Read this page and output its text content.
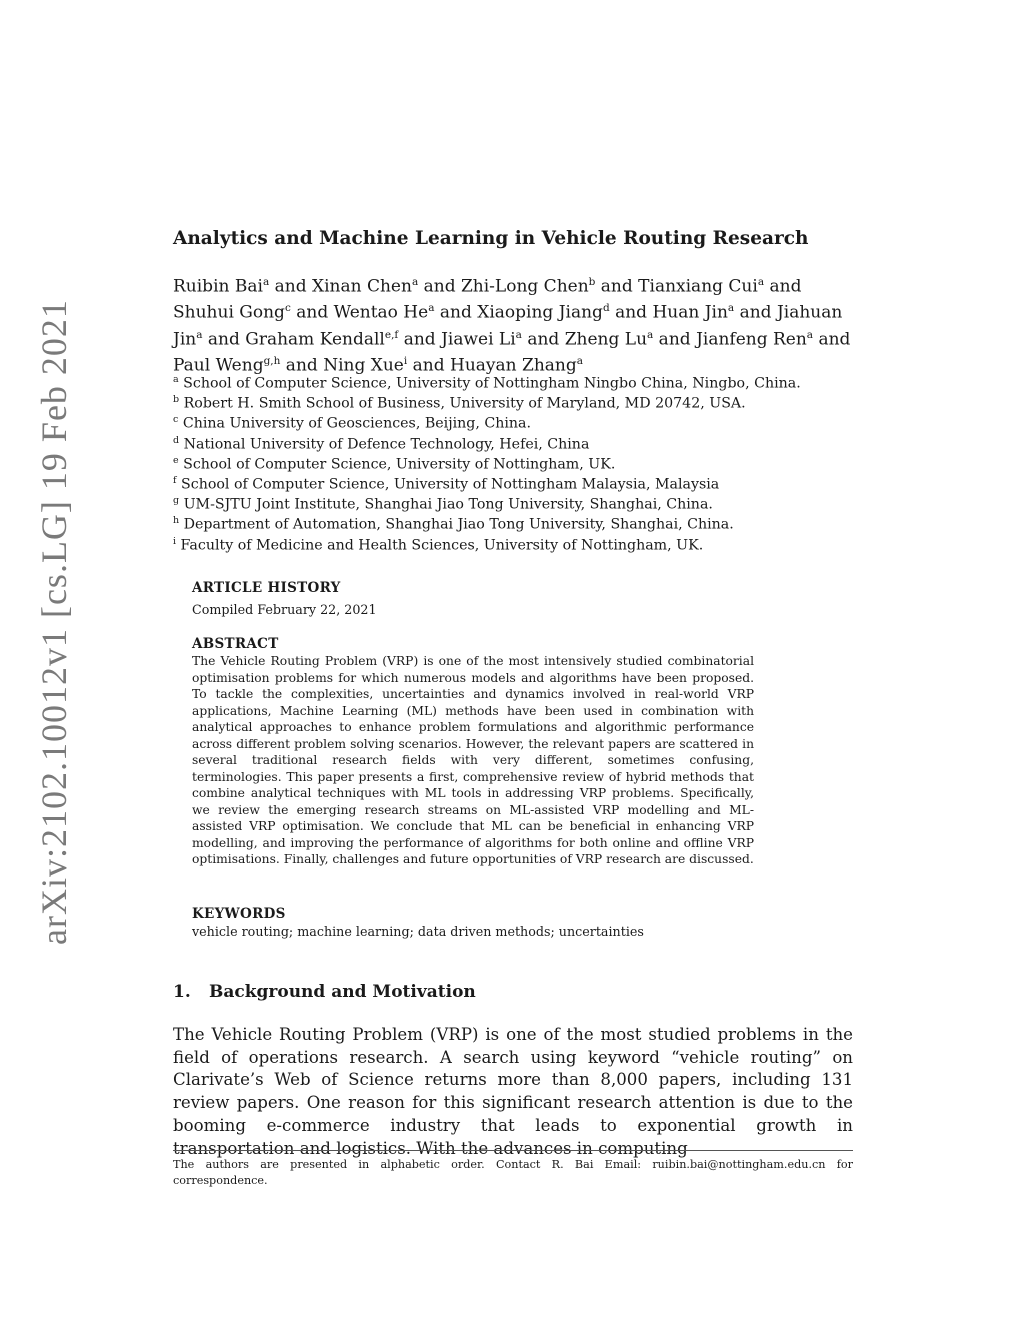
arXiv:2102.10012v1 [cs.LG] 19 Feb 2021
Analytics and Machine Learning in Vehicle Routing Research
Ruibin Bai$^a$ and Xinan Chen$^a$ and Zhi-Long Chen$^b$ and Tianxiang Cui$^a$ and Shuhui Gong$^c$ and Wentao He$^a$ and Xiaoping Jiang$^d$ and Huan Jin$^a$ and Jiahuan Jin$^a$ and Graham Kendall$^{e,f}$ and Jiawei Li$^a$ and Zheng Lu$^a$ and Jianfeng Ren$^a$ and Paul Weng$^{g,h}$ and Ning Xue$^i$ and Huayan Zhang$^a$
$^a$ School of Computer Science, University of Nottingham Ningbo China, Ningbo, China.
$^b$ Robert H. Smith School of Business, University of Maryland, MD 20742, USA.
$^c$ China University of Geosciences, Beijing, China.
$^d$ National University of Defence Technology, Hefei, China
$^e$ School of Computer Science, University of Nottingham, UK.
$^f$ School of Computer Science, University of Nottingham Malaysia, Malaysia
$^g$ UM-SJTU Joint Institute, Shanghai Jiao Tong University, Shanghai, China.
$^h$ Department of Automation, Shanghai Jiao Tong University, Shanghai, China.
$^i$ Faculty of Medicine and Health Sciences, University of Nottingham, UK.
ARTICLE HISTORY
Compiled February 22, 2021
ABSTRACT
The Vehicle Routing Problem (VRP) is one of the most intensively studied combinatorial optimisation problems for which numerous models and algorithms have been proposed. To tackle the complexities, uncertainties and dynamics involved in real-world VRP applications, Machine Learning (ML) methods have been used in combination with analytical approaches to enhance problem formulations and algorithmic performance across different problem solving scenarios. However, the relevant papers are scattered in several traditional research fields with very different, sometimes confusing, terminologies. This paper presents a first, comprehensive review of hybrid methods that combine analytical techniques with ML tools in addressing VRP problems. Specifically, we review the emerging research streams on ML-assisted VRP modelling and ML-assisted VRP optimisation. We conclude that ML can be beneficial in enhancing VRP modelling, and improving the performance of algorithms for both online and offline VRP optimisations. Finally, challenges and future opportunities of VRP research are discussed.
KEYWORDS
vehicle routing; machine learning; data driven methods; uncertainties
1. Background and Motivation

The Vehicle Routing Problem (VRP) is one of the most studied problems in the field of operations research. A search using keyword “vehicle routing” on Clarivate’s Web of Science returns more than 8,000 papers, including 131 review papers. One reason for this significant research attention is due to the booming e-commerce industry that leads to exponential growth in transportation and logistics. With the advances in computing

The authors are presented in alphabetic order. Contact R. Bai Email: ruibin.bai@nottingham.edu.cn for correspondence.
